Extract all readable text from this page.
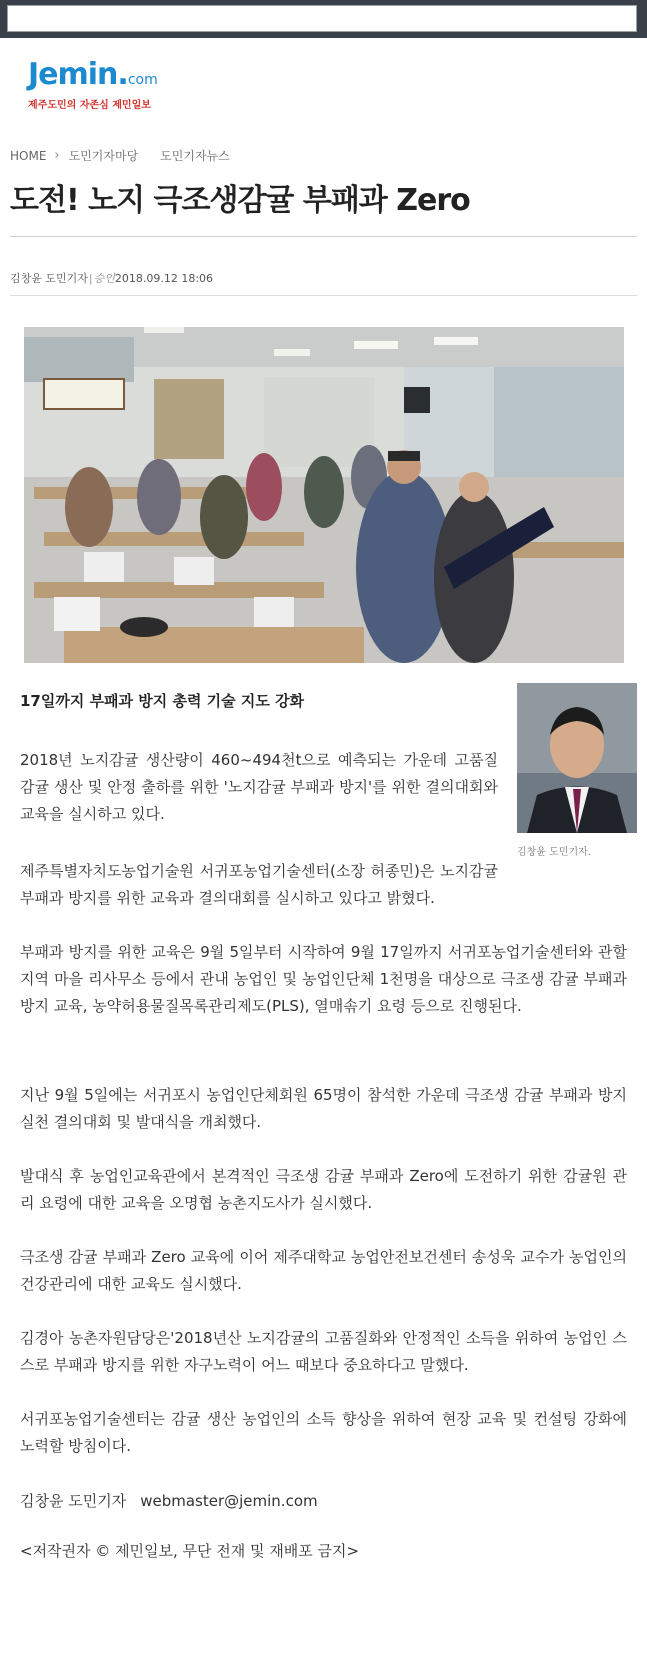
Jemin.com
제주도민의 자존심 제민일보
HOME › 도민기자마당 도민기자뉴스
도전! 노지 극조생감귤 부패과 Zero
김창윤 도민기자|승인2018.09.12 18:06
김창윤 도민기자.
17일까지 부패과 방지 총력 기술 지도 강화

2018년 노지감귤 생산량이 460~494천t으로 예측되는 가운데 고품질 감귤 생산 및 안정 출하를 위한 '노지감귤 부패과 방지'를 위한 결의대회와 교육을 실시하고 있다.

제주특별자치도농업기술원 서귀포농업기술센터(소장 허종민)은 노지감귤 부패과 방지를 위한 교육과 결의대회를 실시하고 있다고 밝혔다.

부패과 방지를 위한 교육은 9월 5일부터 시작하여 9월 17일까지 서귀포농업기술센터와 관할 지역 마을 리사무소 등에서 관내 농업인 및 농업인단체 1천명을 대상으로 극조생 감귤 부패과 방지 교육, 농약허용물질목록관리제도(PLS), 열매솎기 요령 등으로 진행된다.

지난 9월 5일에는 서귀포시 농업인단체회원 65명이 참석한 가운데 극조생 감귤 부패과 방지 실천 결의대회 및 발대식을 개최했다.

발대식 후 농업인교육관에서 본격적인 극조생 감귤 부패과 Zero에 도전하기 위한 감귤원 관리 요령에 대한 교육을 오명협 농촌지도사가 실시했다.

극조생 감귤 부패과 Zero 교육에 이어 제주대학교 농업안전보건센터 송성욱 교수가 농업인의 건강관리에 대한 교육도 실시했다.

김경아 농촌자원담당은'2018년산 노지감귤의 고품질화와 안정적인 소득을 위하여 농업인 스스로 부패과 방지를 위한 자구노력이 어느 때보다 중요하다고 말했다.

서귀포농업기술센터는 감귤 생산 농업인의 소득 향상을 위하여 현장 교육 및 컨설팅 강화에 노력할 방침이다.

김창윤 도민기자 webmaster@jemin.com
<저작권자 © 제민일보, 무단 전재 및 재배포 금지>
